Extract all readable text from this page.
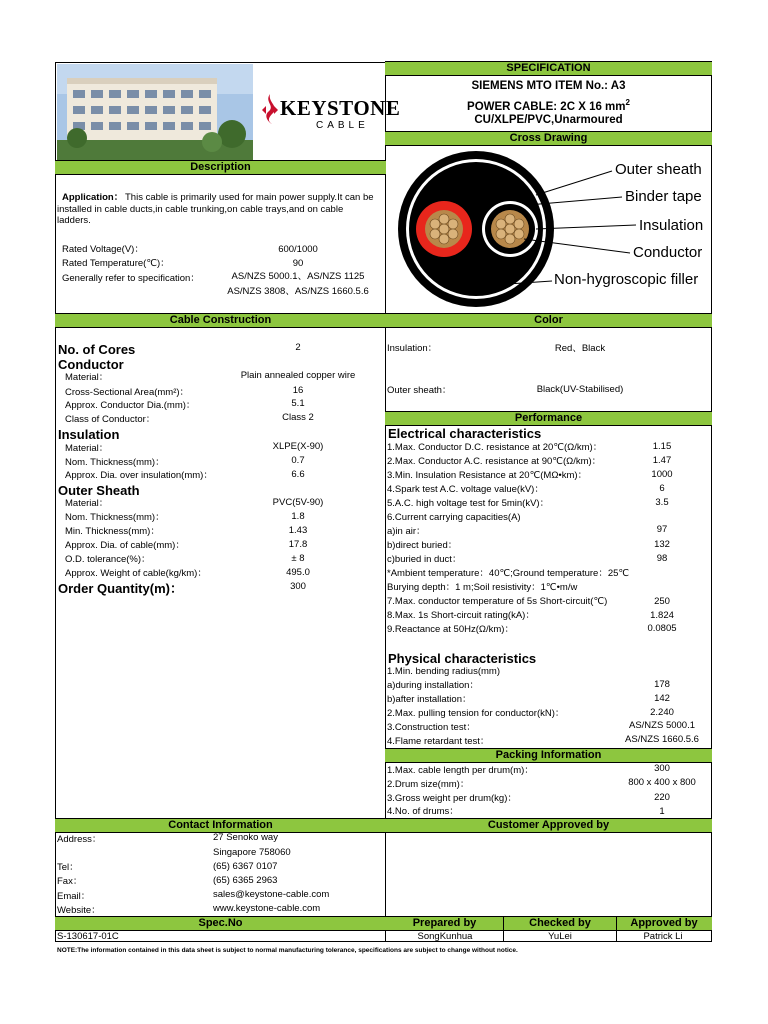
KEYSTONE
CABLE
SPECIFICATION
SIEMENS MTO ITEM No.: A3
POWER CABLE: 2C X 16 $mm^2$
CU/XLPE/PVC,Unarmoured
Cross Drawing
Outer sheath
Binder tape
Insulation
Conductor
Non-hygroscopic filler
Description
Application： This cable is primarily used for main power supply.It can be
installed in cable ducts,in cable trunking,on cable trays,and on cable
ladders.
Rated Voltage(V)：	600/1000
Rated Temperature(℃)：	90
Generally refer to specification：	AS/NZS 5000.1、AS/NZS 1125
AS/NZS 3808、AS/NZS 1660.5.6
Cable Construction	Color
No. of Cores	2
Conductor
Material：	Plain annealed copper wire
Cross-Sectional Area(mm²)：	16
Approx. Conductor Dia.(mm)：	5.1
Class of Conductor：	Class 2
Insulation
Material：	XLPE(X-90)
Nom. Thickness(mm)：	0.7
Approx. Dia. over insulation(mm)：	6.6
Outer Sheath
Material：	PVC(5V-90)
Nom. Thickness(mm)：	1.8
Min. Thickness(mm)：	1.43
Approx. Dia. of cable(mm)：	17.8
O.D. tolerance(%)：	± 8
Approx. Weight of cable(kg/km)：	495.0
Order Quantity(m)：	300
Insulation：	Red、Black
Outer sheath：	Black(UV-Stabilised)
Performance
Electrical characteristics
1.Max. Conductor D.C. resistance at 20℃(Ω/km)：	1.15
2.Max. Conductor A.C. resistance at 90℃(Ω/km)：	1.47
3.Min. Insulation Resistance at 20℃(MΩ•km)：	1000
4.Spark test A.C. voltage value(kV)：	6
5.A.C. high voltage test for 5min(kV)：	3.5
6.Current carrying capacities(A)
a)in air：	97
b)direct buried：	132
c)buried in duct：	98
*Ambient temperature：40℃;Ground temperature：25℃
Burying depth：1 m;Soil resistivity：1℃•m/w
7.Max. conductor temperature of 5s Short-circuit(℃)	250
8.Max. 1s Short-circuit rating(kA)：	1.824
9.Reactance at 50Hz(Ω/km)：	0.0805
Physical characteristics
1.Min. bending radius(mm)
a)during installation：	178
b)after installation：	142
2.Max. pulling tension for conductor(kN)：	2.240
3.Construction test：	AS/NZS 5000.1
4.Flame retardant test：	AS/NZS 1660.5.6
Packing Information
1.Max. cable length per drum(m)：	300
2.Drum size(mm)：	800 x 400 x 800
3.Gross weight per drum(kg)：	220
4.No. of drums：	1
Contact Information	Customer Approved by
Address：	27 Senoko way
Singapore 758060
Tel：	(65) 6367 0107
Fax：	(65) 6365 2963
Email：	sales@keystone-cable.com
Website：	www.keystone-cable.com
Spec.No	Prepared by	Checked by	Approved by
S-130617-01C	SongKunhua	YuLei	Patrick Li
NOTE:The information contained in this data sheet is subject to normal manufacturing tolerance, specifications are subject to change without notice.
